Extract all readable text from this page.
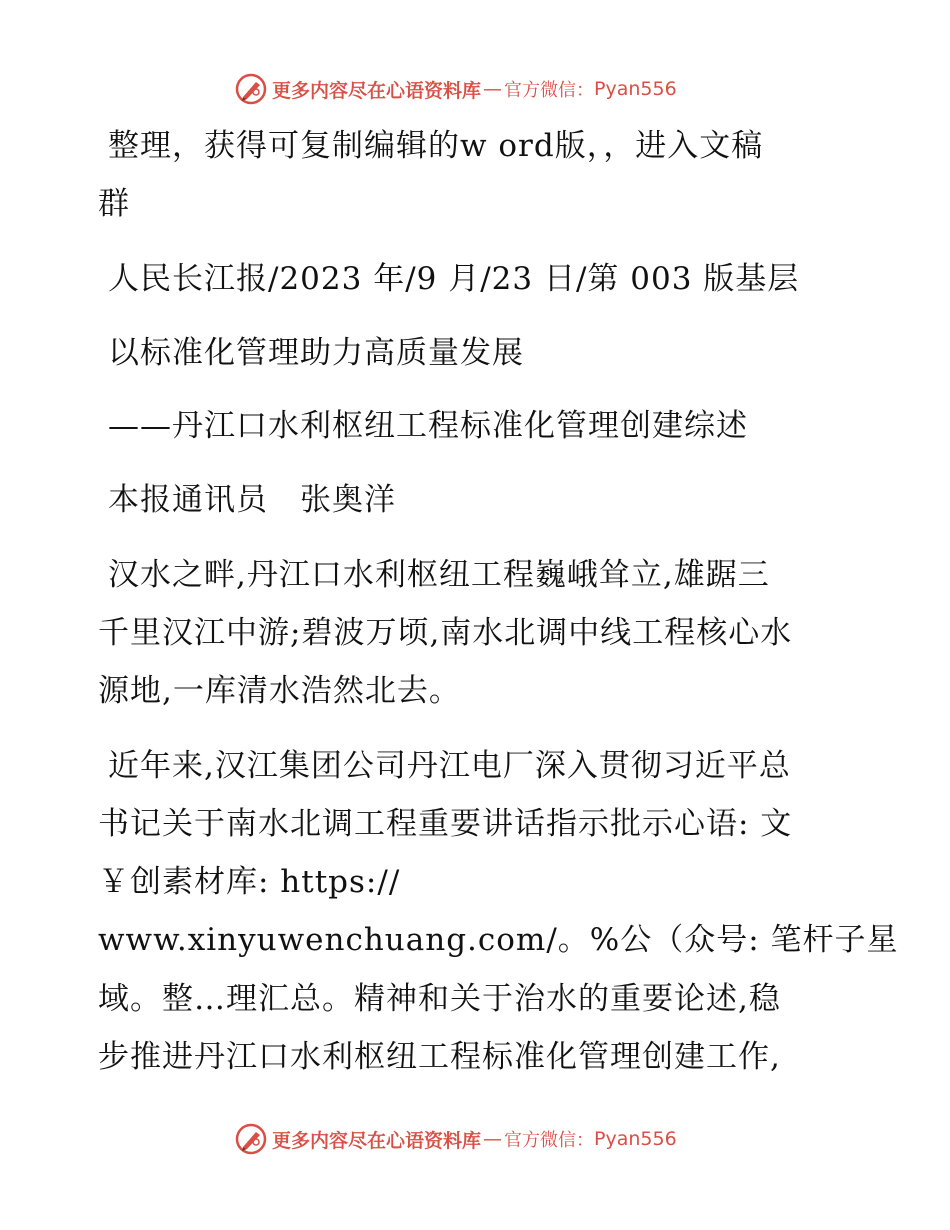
更多内容尽在心语资料库 — 官方微信： Pyan556
整理，获得可复制编辑的w ord版，，进入文稿
群
人民长江报/2023 年/9 月/23 日/第 003 版基层
以标准化管理助力高质量发展
——丹江口水利枢纽工程标准化管理创建综述
本报通讯员　张奥洋
汉水之畔,丹江口水利枢纽工程巍峨耸立,雄踞三
千里汉江中游;碧波万顷,南水北调中线工程核心水
源地,一库清水浩然北去。
近年来,汉江集团公司丹江电厂深入贯彻习近平总
书记关于南水北调工程重要讲话指示批示心语: 文
￥创素材库: https://
www.xinyuwenchuang.com/。%公（众号: 笔杆子星
域。整…理汇总。精神和关于治水的重要论述,稳
步推进丹江口水利枢纽工程标准化管理创建工作,
更多内容尽在心语资料库 — 官方微信： Pyan556
